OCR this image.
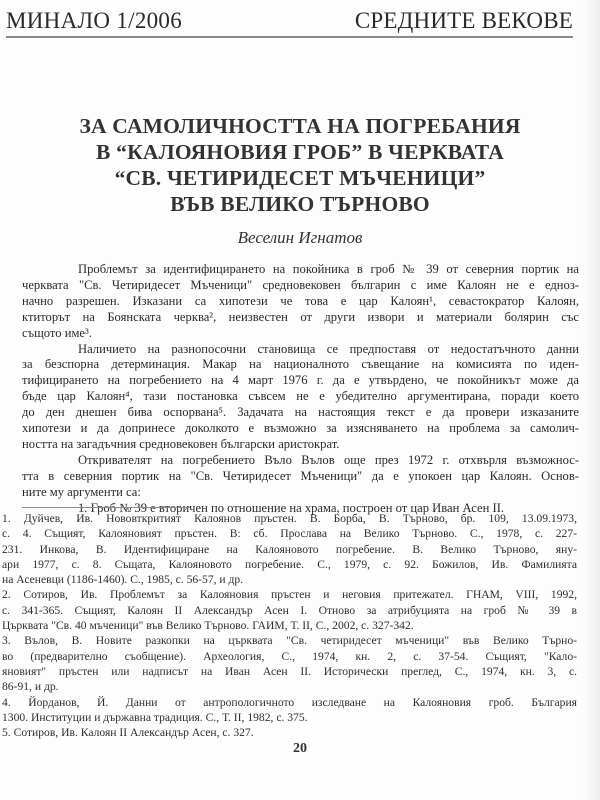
МИНАЛО 1/2006	СРЕДНИТЕ ВЕКОВЕ
ЗА САМОЛИЧНОСТТА НА ПОГРЕБАНИЯ
В “КАЛОЯНОВИЯ ГРОБ” В ЧЕРКВАТА
“СВ. ЧЕТИРИДЕСЕТ МЪЧЕНИЦИ”
ВЪВ ВЕЛИКО ТЪРНОВО
Веселин Игнатов
Проблемът за идентифицирането на покойника в гроб № 39 от северния портик на
черквата "Св. Четиридесет Мъченици" средновековен българин с име Калоян не е еднoз-
начно разрешен. Изказани са хипотези че това е цар Калоян¹, севастократор Калоян,
ктиторът на Боянската черква², неизвестен от други извори и материали болярин със
същото име³.
Наличието на разнопосочни становища се предпоставя от недостатъчното данни
за безспорна детерминация. Макар на националното съвещание на комисията по иден-
тифицирането на погребението на 4 март 1976 г. да е утвърдено, че покойникът може да
бъде цар Калоян⁴, тази постановка съвсем не е убедително аргументирана, поради което
до ден днешен бива оспорвана⁵. Задачата на настоящия текст е да провери изказаните
хипотези и да допринесе доколкото е възможно за изясняването на проблема за самолич-
ността на загадъчния средновековен български аристократ.
Откривателят на погребението Вълo Вълов още през 1972 г. отхвърля възможнос-
тта в северния портик на "Св. Четиридесет Мъченици" да е упокоен цар Калоян. Основ-
ните му аргументи са:
1. Гроб № 39 е вторичен по отношение на храма, построен от цар Иван Асен II.
1. Дуйчев, Ив. Нововткритият Калоянов пръстен. В. Борба, В. Търново, бр. 109, 13.09.1973,
с. 4. Същият, Калояновият пръстен. В: сб. Прослава на Велико Търново. С., 1978, с. 227-
231. Инкова, В. Идентифициране на Калояновото погребение. В. Велико Търново, яну-
ари 1977, с. 8. Същата, Калояновото погребение. С., 1979, с. 92. Божилов, Ив. Фамилията
на Асеневци (1186-1460). С., 1985, с. 56-57, и др.
2. Сотиров, Ив. Проблемът за Калояновия пръстен и неговия притежател. ГНАМ, VIII, 1992,
с. 341-365. Същият, Калоян II Александър Асен I. Отново за атрибуцията на гроб № 39 в
Църквата "Св. 40 мъченици" във Велико Търново. ГАИМ, Т. II, С., 2002, с. 327-342.
3. Вълов, В. Новите разкопки на църквата "Св. четиридесет мъченици" във Велико Търно-
во (предварително съобщение). Археология, С., 1974, кн. 2, с. 37-54. Същият, "Кало-
яновият" пръстен или надписът на Иван Асен II. Исторически преглед, С., 1974, кн. 3, с.
86-91, и др.
4. Йорданов, Й. Данни от антропологичното изследване на Калояновия гроб. България
1300. Институции и държавна традиция. С., Т. II, 1982, с. 375.
5. Сотиров, Ив. Калоян II Александър Асен, с. 327.
20
